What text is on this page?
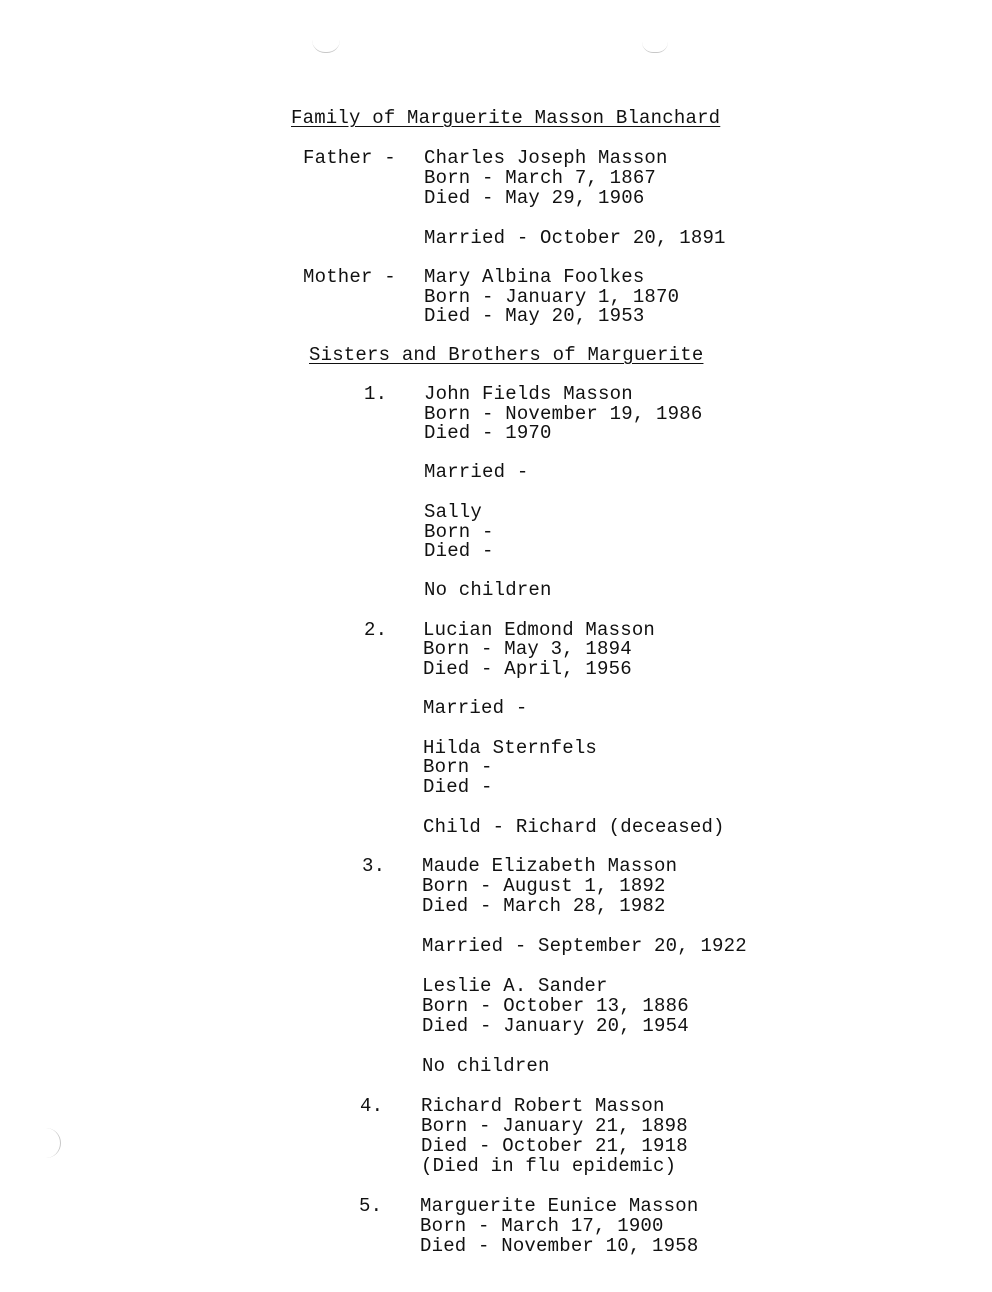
Family of Marguerite Masson Blanchard
Father - Charles Joseph Masson
Born - March 7, 1867
Died - May 29, 1906
Married - October 20, 1891
Mother - Mary Albina Foolkes
Born - January 1, 1870
Died - May 20, 1953
Sisters and Brothers of Marguerite
1. John Fields Masson
Born - November 19, 1986
Died - 1970
Married -
Sally
Born -
Died -
No children
2. Lucian Edmond Masson
Born - May 3, 1894
Died - April, 1956
Married -
Hilda Sternfels
Born -
Died -
Child - Richard (deceased)
3. Maude Elizabeth Masson
Born - August 1, 1892
Died - March 28, 1982
Married - September 20, 1922
Leslie A. Sander
Born - October 13, 1886
Died - January 20, 1954
No children
4. Richard Robert Masson
Born - January 21, 1898
Died - October 21, 1918
(Died in flu epidemic)
5. Marguerite Eunice Masson
Born - March 17, 1900
Died - November 10, 1958
